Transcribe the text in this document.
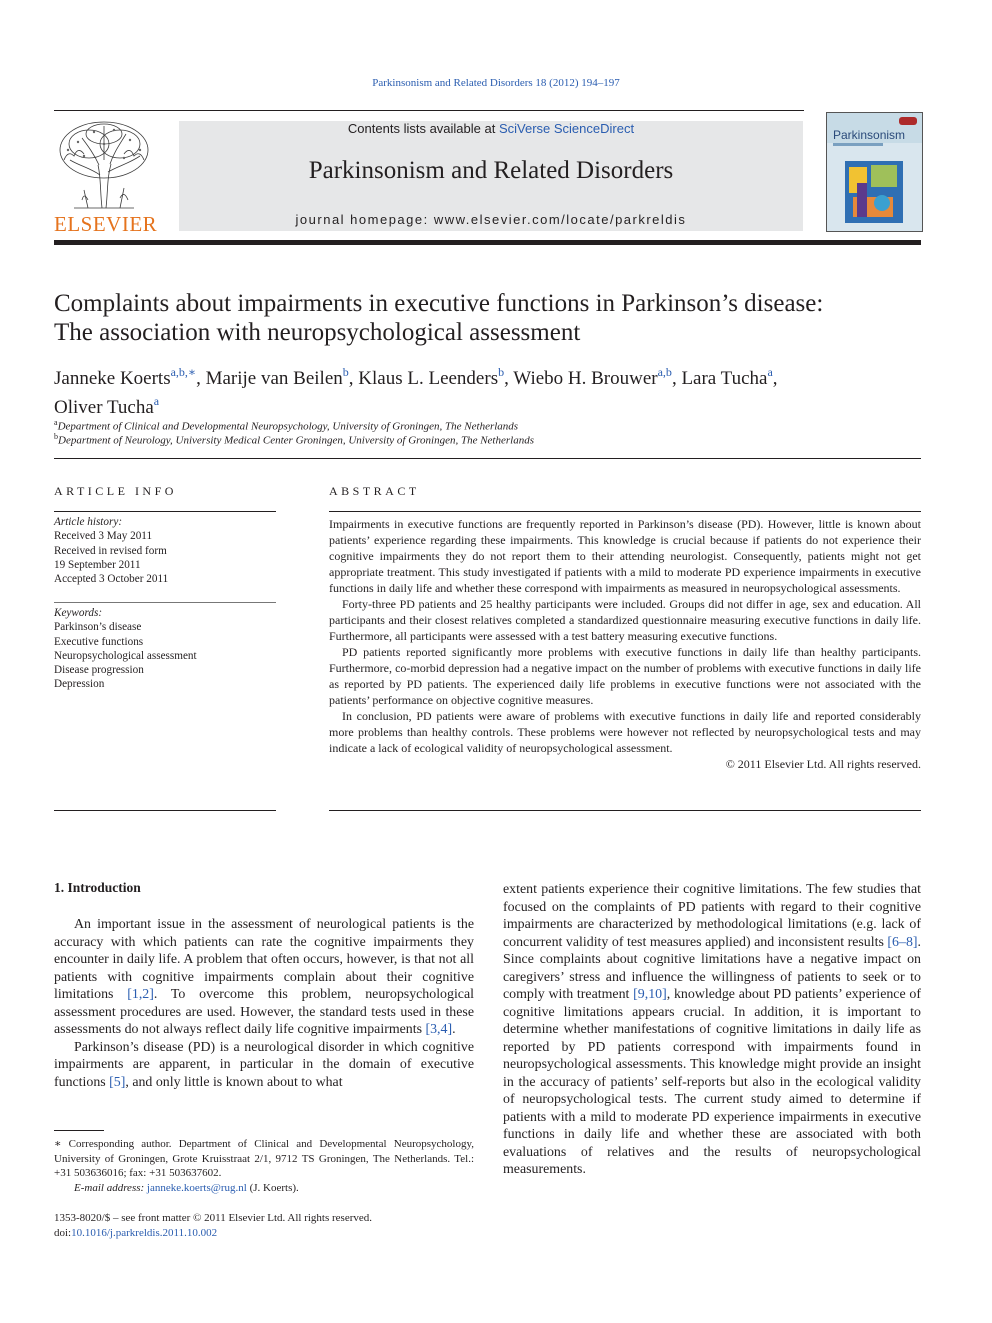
Parkinsonism and Related Disorders 18 (2012) 194–197
ELSEVIER
Contents lists available at SciVerse ScienceDirect
Parkinsonism and Related Disorders
journal homepage: www.elsevier.com/locate/parkreldis
Parkinsonism
Complaints about impairments in executive functions in Parkinson’s disease:
The association with neuropsychological assessment
Janneke Koerts$^{a,b,∗}$, Marije van Beilen$^b$, Klaus L. Leenders$^b$, Wiebo H. Brouwer$^{a,b}$, Lara Tucha$^a$,
Oliver Tucha$^a$
$^a$Department of Clinical and Developmental Neuropsychology, University of Groningen, The Netherlands
$^b$Department of Neurology, University Medical Center Groningen, University of Groningen, The Netherlands
ARTICLE INFO
Article history:
Received 3 May 2011
Received in revised form
19 September 2011
Accepted 3 October 2011
Keywords:
Parkinson’s disease
Executive functions
Neuropsychological assessment
Disease progression
Depression
ABSTRACT

Impairments in executive functions are frequently reported in Parkinson’s disease (PD). However, little is known about patients’ experience regarding these impairments. This knowledge is crucial because if patients do not experience their cognitive impairments they do not report them to their attending neurologist. Consequently, patients might not get appropriate treatment. This study investigated if patients with a mild to moderate PD experience impairments in executive functions in daily life and whether these correspond with impairments as measured in neuropsychological assessments.

Forty-three PD patients and 25 healthy participants were included. Groups did not differ in age, sex and education. All participants and their closest relatives completed a standardized questionnaire measuring executive functions in daily life. Furthermore, all participants were assessed with a test battery measuring executive functions.

PD patients reported significantly more problems with executive functions in daily life than healthy participants. Furthermore, co-morbid depression had a negative impact on the number of problems with executive functions in daily life as reported by PD patients. The experienced daily life problems in executive functions were not associated with the patients’ performance on objective cognitive measures.

In conclusion, PD patients were aware of problems with executive functions in daily life and reported considerably more problems than healthy controls. These problems were however not reflected by neuropsychological tests and may indicate a lack of ecological validity of neuropsychological assessment.

© 2011 Elsevier Ltd. All rights reserved.

1. Introduction

An important issue in the assessment of neurological patients is the accuracy with which patients can rate the cognitive impairments they encounter in daily life. A problem that often occurs, however, is that not all patients with cognitive impairments complain about their cognitive limitations [1,2]. To overcome this problem, neuropsychological assessment procedures are used. However, the standard tests used in these assessments do not always reflect daily life cognitive impairments [3,4].

Parkinson’s disease (PD) is a neurological disorder in which cognitive impairments are apparent, in particular in the domain of executive functions [5], and only little is known about to what

extent patients experience their cognitive limitations. The few studies that focused on the complaints of PD patients with regard to their cognitive impairments are characterized by methodological limitations (e.g. lack of concurrent validity of test measures applied) and inconsistent results [6–8]. Since complaints about cognitive limitations have a negative impact on caregivers’ stress and influence the willingness of patients to seek or to comply with treatment [9,10], knowledge about PD patients’ experience of cognitive limitations appears crucial. In addition, it is important to determine whether manifestations of cognitive limitations in daily life as reported by PD patients correspond with impairments found in neuropsychological assessments. This knowledge might provide an insight in the accuracy of patients’ self-reports but also in the ecological validity of neuropsychological tests. The current study aimed to determine if patients with a mild to moderate PD experience impairments in executive functions in daily life and whether these are associated with both evaluations of relatives and the results of neuropsychological measurements.

∗ Corresponding author. Department of Clinical and Developmental Neuropsychology, University of Groningen, Grote Kruisstraat 2/1, 9712 TS Groningen, The Netherlands. Tel.: +31 503636016; fax: +31 503637602.

E-mail address: janneke.koerts@rug.nl (J. Koerts).

1353-8020/$ – see front matter © 2011 Elsevier Ltd. All rights reserved.
doi:10.1016/j.parkreldis.2011.10.002
